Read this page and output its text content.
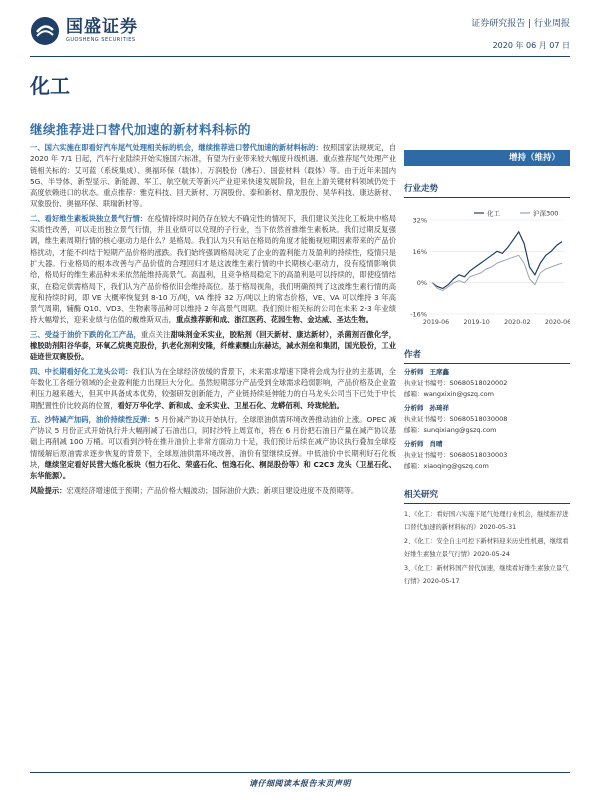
国盛证券
GUOSHENG SECURITIES
证券研究报告 | 行业周报
2020 年 06 月 07 日
化工
继续推荐进口替代加速的新材料科标的

一、国六实施在即看好汽车尾气处理相关标的机会，继续推荐进口替代加速的新材料标的：按照国家法规规定，自 2020 年 7/1 日起，汽车行业陆续开始实施国六标准，有望为行业带来较大幅度升级机遇。重点推荐尾气处理产业链相关标的：艾可蓝（系统集成）、奥福环保（载体）、万润股份（沸石）、国瓷材料（载体）等。由于近年来国内 5G、半导体、新型显示、新能源、军工、航空航天等新兴产业迎来快速发展阶段，但在上游关键材料领域仍处于高度依赖进口的状态。重点推荐：雅克科技、回天新材、万润股份、泰和新材、鼎龙股份、昊华科技、康达新材、双象股份、奥福环保、联瑞新材等。

二、看好维生素板块独立景气行情：在疫情持续时间仍存在较大不确定性的情况下，我们建议关注化工板块中格局实质性改善，可以走出独立景气行情，并且业绩可以兑现的子行业，当下依然首推维生素板块。我们过期反复强调，维生素周期行情的核心驱动力是什么？是格局。我们认为只有站在格局的角度才能衡视短期因素带来的产品价格扰动，才能不纠结于短期产品价格的涨跌。我们始终强调格局决定了企业的盈利能力及盈利的持续性，疫情只是扩大器。行业格局的根本改善与产品价值的合理回归才是这波维生素行情的中长期核心驱动力，没有疫情影响供给，格局好的维生素品种未来依然能维持高景气。高温利，且竞争格局稳定下的高盈利是可以持续的，即使疫情结束，在稳定供需格局下，我们认为产品价格依旧会维持高位。基于格局视角，我们明确预判了这波维生素行情的高度和持续时间，即 VE 大概率恢复到 8-10 万/吨，VA 维持 32 万/吨以上的常态价格，VE、VA 可以维持 3 年高景气周期，辅酶 Q10、VD3、生物素等品种可以维持 2 年高景气周期。我们预计相关标的公司在未来 2-3 年业绩持大幅增长，迎来业绩与估值的戴维斯双击，重点推荐新和成、浙江医药、花园生物、金达威、圣达生物。

三、受益于油价下跌的化工产品，重点关注甜味剂金禾实业，胶粘剂（回天新材、康达新材），杀菌剂百傲化学，橡胶助剂阳谷华泰，环氧乙烷奥克股份，扒老化剂利安隆，纤维素醚山东赫达，减水剂垒和集团，国光股份，工业硅迹世双赛股份。

四、中长期看好化工龙头公司：我们认为在全球经济放缓的背景下，未来需求增速下降将会成为行业的主基调，全年数化工各细分领域的企业盈利能力出现巨大分化。虽然短期部分产品受到全球需求趋弱影响，产品价格及企业盈利压力越来越大，但其中具备成本优势，较强研发创新能力，产业链持续延伸能力的白马龙头公司当下已处于中长期配置性价比较高的位置，看好万华化学、新和成、金禾实业、卫星石化、龙蟒佰利、玲珑轮胎。

五、沙特减产加码，油价持续性反弹：5 月份减产协议开始执行，全球原油供需环境改善推动油价上涨。OPEC 减产协议 5 月份正式开始执行并大幅削减了石油出口，同时沙特上周宣布，将在 6 月份把石油日产量在减产协议基础上再削减 100 万桶。可以看到沙特在推升油价上非常方面动力十足，我们预计后续在减产协议执行叠加全球疫情缓解后原油需求逐步恢复的背景下，全球原油供需环境改善，油价有望继续反弹。中低油价中长期利好石化板块，继续坚定看好民营大炼化板块（恒力石化、荣盛石化、恒逸石化、桐昆股份等）和 C2C3 龙头（卫星石化、东华能源）。

风险提示：宏观经济增速低于预期；产品价格大幅波动；国际油价大跌；新项目建设进度不及预期等。

增持（维持）
行业走势
32%
16%
0%
-16%
2019-06 2019-10 2020-02 2020-06
化工	沪深300
作者
分析师 王席鑫
执业证书编号：S0680518020002
邮箱：wangxixin@gszq.com
分析师 孙琦祥
执业证书编号：S0680518030008
邮箱：sunqixiang@gszq.com
分析师 肖晴
执业证书编号：S0680518030003
邮箱：xiaoqing@gszq.com
相关研究

1、《化工：看好国六实施下尾气处理行业机会，继续推荐进口替代加速的新材料标的》2020-05-31

2、《化工：安全自主可控下新材料迎来历史性机遇，继续看好维生素独立景气行情》2020-05-24

3、《化工：新材料国产替代加速，继续看好维生素独立景气行情》2020-05-17

请仔细阅读本报告末页声明
